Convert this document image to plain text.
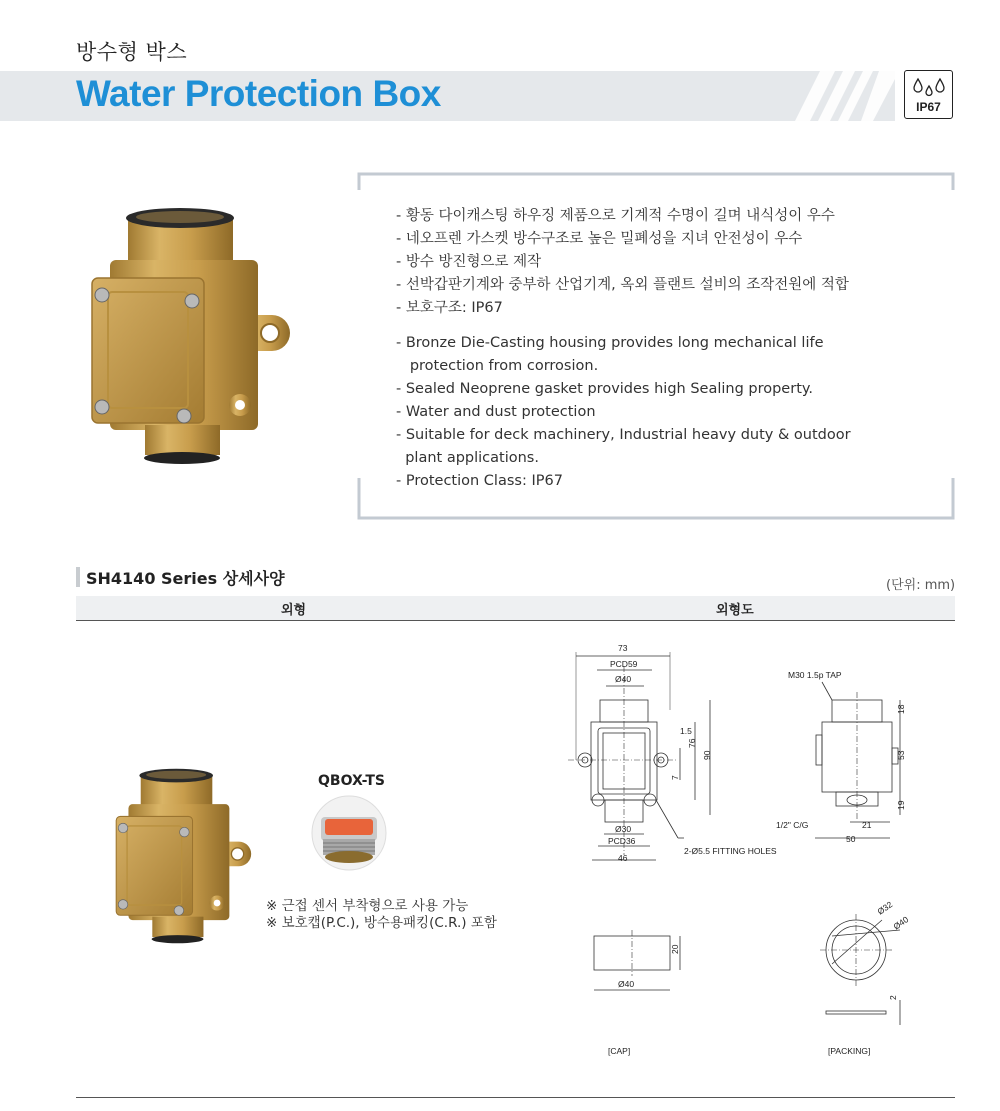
방수형 박스
Water Protection Box	IP67
- 황동 다이캐스팅 하우징 제품으로 기계적 수명이 길며 내식성이 우수
- 네오프렌 가스켓 방수구조로 높은 밀폐성을 지녀 안전성이 우수
- 방수 방진형으로 제작
- 선박갑판기계와 중부하 산업기계, 옥외 플랜트 설비의 조작전원에 적합
- 보호구조: IP67
- Bronze Die-Casting housing provides long mechanical life
protection from corrosion.
- Sealed Neoprene gasket provides high Sealing property.
- Water and dust protection
- Suitable for deck machinery, Industrial heavy duty & outdoor
plant applications.
- Protection Class: IP67
SH4140 Series 상세사양	(단위: mm)
외형	외형도
QBOX-TS
※ 근접 센서 부착형으로 사용 가능
※ 보호캡(P.C.), 방수용패킹(C.R.) 포함
73
PCD59
Ø40
Ø30
PCD36
46
1.5
76
90
7
2-Ø5.5 FITTING HOLES
M30 1.5p TAP
18
53
19
1/2" C/G	21
50
20
Ø40
[CAP]
Ø32
Ø40
2
[PACKING]
